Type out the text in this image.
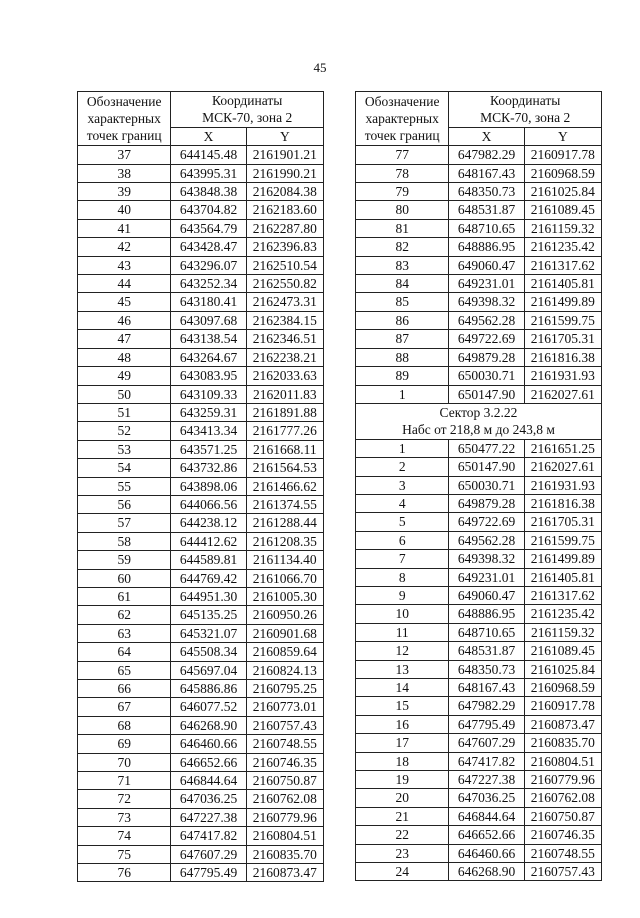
45
Обозначение
характерных
точек границ	Координаты	
	МСК-70, зона 2	
	X	Y
37	644145.48	2161901.21
38	643995.31	2161990.21
39	643848.38	2162084.38
40	643704.82	2162183.60
41	643564.79	2162287.80
42	643428.47	2162396.83
43	643296.07	2162510.54
44	643252.34	2162550.82
45	643180.41	2162473.31
46	643097.68	2162384.15
47	643138.54	2162346.51
48	643264.67	2162238.21
49	643083.95	2162033.63
50	643109.33	2162011.83
51	643259.31	2161891.88
52	643413.34	2161777.26
53	643571.25	2161668.11
54	643732.86	2161564.53
55	643898.06	2161466.62
56	644066.56	2161374.55
57	644238.12	2161288.44
58	644412.62	2161208.35
59	644589.81	2161134.40
60	644769.42	2161066.70
61	644951.30	2161005.30
62	645135.25	2160950.26
63	645321.07	2160901.68
64	645508.34	2160859.64
65	645697.04	2160824.13
66	645886.86	2160795.25
67	646077.52	2160773.01
68	646268.90	2160757.43
69	646460.66	2160748.55
70	646652.66	2160746.35
71	646844.64	2160750.87
72	647036.25	2160762.08
73	647227.38	2160779.96
74	647417.82	2160804.51
75	647607.29	2160835.70
76	647795.49	2160873.47
Обозначение
характерных
точек границ	Координаты	
	МСК-70, зона 2	
	X	Y
77	647982.29	2160917.78
78	648167.43	2160968.59
79	648350.73	2161025.84
80	648531.87	2161089.45
81	648710.65	2161159.32
82	648886.95	2161235.42
83	649060.47	2161317.62
84	649231.01	2161405.81
85	649398.32	2161499.89
86	649562.28	2161599.75
87	649722.69	2161705.31
88	649879.28	2161816.38
89	650030.71	2161931.93
1	650147.90	2162027.61
Сектор 3.2.22		
Набс от 218,8 м до 243,8 м		
1	650477.22	2161651.25
2	650147.90	2162027.61
3	650030.71	2161931.93
4	649879.28	2161816.38
5	649722.69	2161705.31
6	649562.28	2161599.75
7	649398.32	2161499.89
8	649231.01	2161405.81
9	649060.47	2161317.62
10	648886.95	2161235.42
11	648710.65	2161159.32
12	648531.87	2161089.45
13	648350.73	2161025.84
14	648167.43	2160968.59
15	647982.29	2160917.78
16	647795.49	2160873.47
17	647607.29	2160835.70
18	647417.82	2160804.51
19	647227.38	2160779.96
20	647036.25	2160762.08
21	646844.64	2160750.87
22	646652.66	2160746.35
23	646460.66	2160748.55
24	646268.90	2160757.43
